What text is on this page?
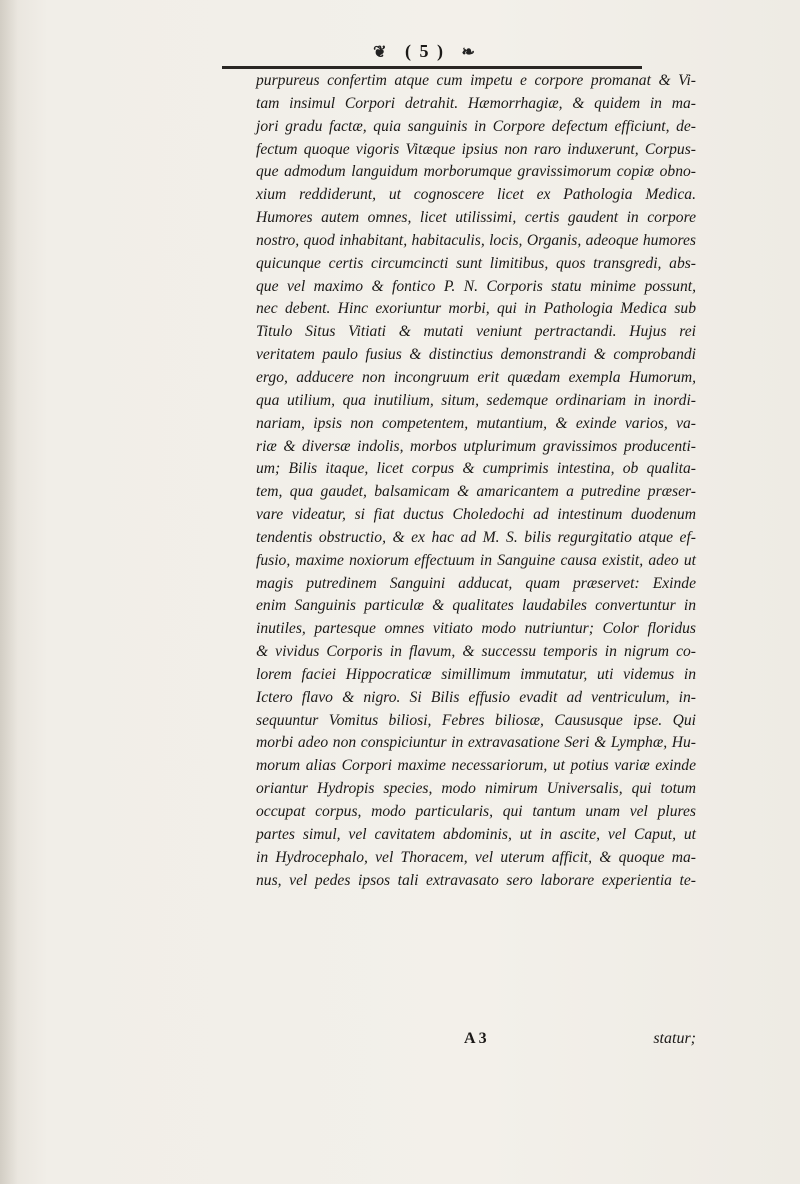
❦ ( 5 ) ❧
purpureus confertim atque cum impetu e corpore promanat & Vi-
tam insimul Corpori detrahit. Hæmorrhagiæ, & quidem in ma-
jori gradu factæ, quia sanguinis in Corpore defectum efficiunt, de-
fectum quoque vigoris Vitæque ipsius non raro induxerunt, Corpus-
que admodum languidum morborumque gravissimorum copiæ obno-
xium reddiderunt, ut cognoscere licet ex Pathologia Medica.
Humores autem omnes, licet utilissimi, certis gaudent in corpore
nostro, quod inhabitant, habitaculis, locis, Organis, adeoque humores
quicunque certis circumcincti sunt limitibus, quos transgredi, abs-
que vel maximo & fontico P. N. Corporis statu minime possunt,
nec debent. Hinc exoriuntur morbi, qui in Pathologia Medica sub
Titulo Situs Vitiati & mutati veniunt pertractandi. Hujus rei
veritatem paulo fusius & distinctius demonstrandi & comprobandi
ergo, adducere non incongruum erit quædam exempla Humorum,
qua utilium, qua inutilium, situm, sedemque ordinariam in inordi-
nariam, ipsis non competentem, mutantium, & exinde varios, va-
riæ & diversæ indolis, morbos utplurimum gravissimos producenti-
um; Bilis itaque, licet corpus & cumprimis intestina, ob qualita-
tem, qua gaudet, balsamicam & amaricantem a putredine præser-
vare videatur, si fiat ductus Choledochi ad intestinum duodenum
tendentis obstructio, & ex hac ad M. S. bilis regurgitatio atque ef-
fusio, maxime noxiorum effectuum in Sanguine causa existit, adeo ut
magis putredinem Sanguini adducat, quam præservet: Exinde
enim Sanguinis particulæ & qualitates laudabiles convertuntur in
inutiles, partesque omnes vitiato modo nutriuntur; Color floridus
& vividus Corporis in flavum, & successu temporis in nigrum co-
lorem faciei Hippocraticæ simillimum immutatur, uti videmus in
Ictero flavo & nigro. Si Bilis effusio evadit ad ventriculum, in-
sequuntur Vomitus biliosi, Febres biliosæ, Caususque ipse. Qui
morbi adeo non conspiciuntur in extravasatione Seri & Lymphæ, Hu-
morum alias Corpori maxime necessariorum, ut potius variæ exinde
oriantur Hydropis species, modo nimirum Universalis, qui totum
occupat corpus, modo particularis, qui tantum unam vel plures
partes simul, vel cavitatem abdominis, ut in ascite, vel Caput, ut
in Hydrocephalo, vel Thoracem, vel uterum afficit, & quoque ma-
nus, vel pedes ipsos tali extravasato sero laborare experientia te-
A 3	statur;
